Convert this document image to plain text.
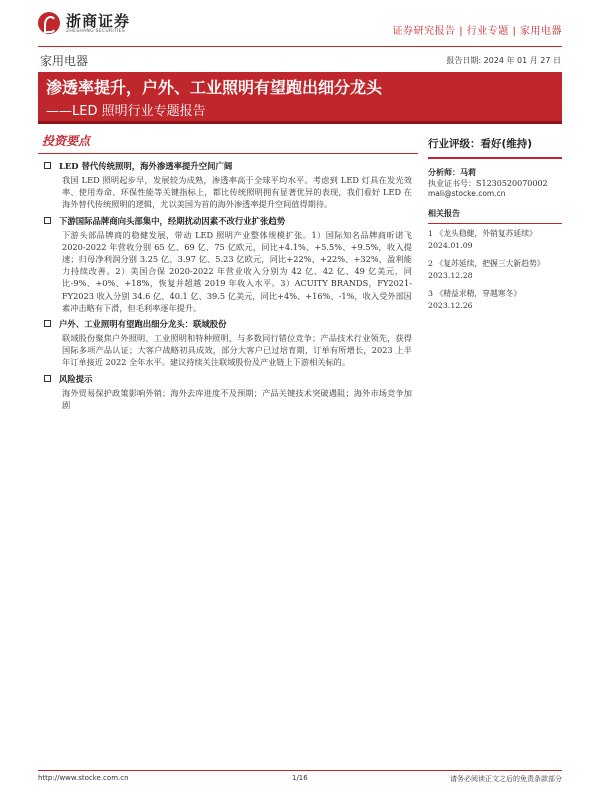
浙商证券
ZHESHANG SECURITIES	证券研究报告 | 行业专题 | 家用电器
家用电器	报告日期: 2024 年 01 月 27 日
渗透率提升，户外、工业照明有望跑出细分龙头
——LED 照明行业专题报告
投资要点
LED 替代传统照明，海外渗透率提升空间广阔
我国 LED 照明起步早，发展较为成熟，渗透率高于全球平均水平。考虑到 LED 灯具在发光效率、使用寿命、环保性能等关键指标上，都比传统照明拥有显著优异的表现，我们看好 LED 在海外替代传统照明的逻辑，尤以美国为首的海外渗透率提升空间值得期待。
下游国际品牌商向头部集中，经期扰动因素不改行业扩张趋势
下游头部品牌商的稳健发展，带动 LED 照明产业整体规模扩张。1）国际知名品牌商昕诺飞 2020-2022 年营收分别 65 亿、69 亿、75 亿欧元，同比+4.1%、+5.5%、+9.5%，收入提速；归母净利润分别 3.25 亿、3.97 亿、5.23 亿欧元，同比+22%、+22%、+32%，盈利能力持续改善。2）美国合保 2020-2022 年营业收入分别为 42 亿、42 亿、49 亿美元，同比-9%、+0%、+18%，恢复并超越 2019 年收入水平。3）ACUITY BRANDS，FY2021-FY2023 收入分别 34.6 亿、40.1 亿、39.5 亿美元，同比+4%、+16%、-1%，收入受外部因素冲击略有下滑，但毛利率逐年提升。
户外、工业照明有望跑出细分龙头：联域股份
联域股份聚焦户外照明、工业照明和特种照明，与多数同行错位竞争；产品技术行业领先，获得国际多项产品认证；大客户战略初具成效，部分大客户已过培育期，订单有所增长，2023 上半年订单接近 2022 全年水平。建议持续关注联域股份及产业链上下游相关标的。
风险提示
海外贸易保护政策影响外销；海外去库进度不及预期；产品关键技术突破遇阻；海外市场竞争加剧
行业评级：看好(维持)
分析师：马莉
执业证书号：S1230520070002
mali@stocke.com.cn
相关报告
1 《龙头稳健，外销复苏延续》
2024.01.09
2 《复苏延续，把握三大新趋势》
2023.12.28
3 《精益求精，穿越寒冬》
2023.12.26
http://www.stocke.com.cn	1/16	请务必阅读正文之后的免责条款部分
